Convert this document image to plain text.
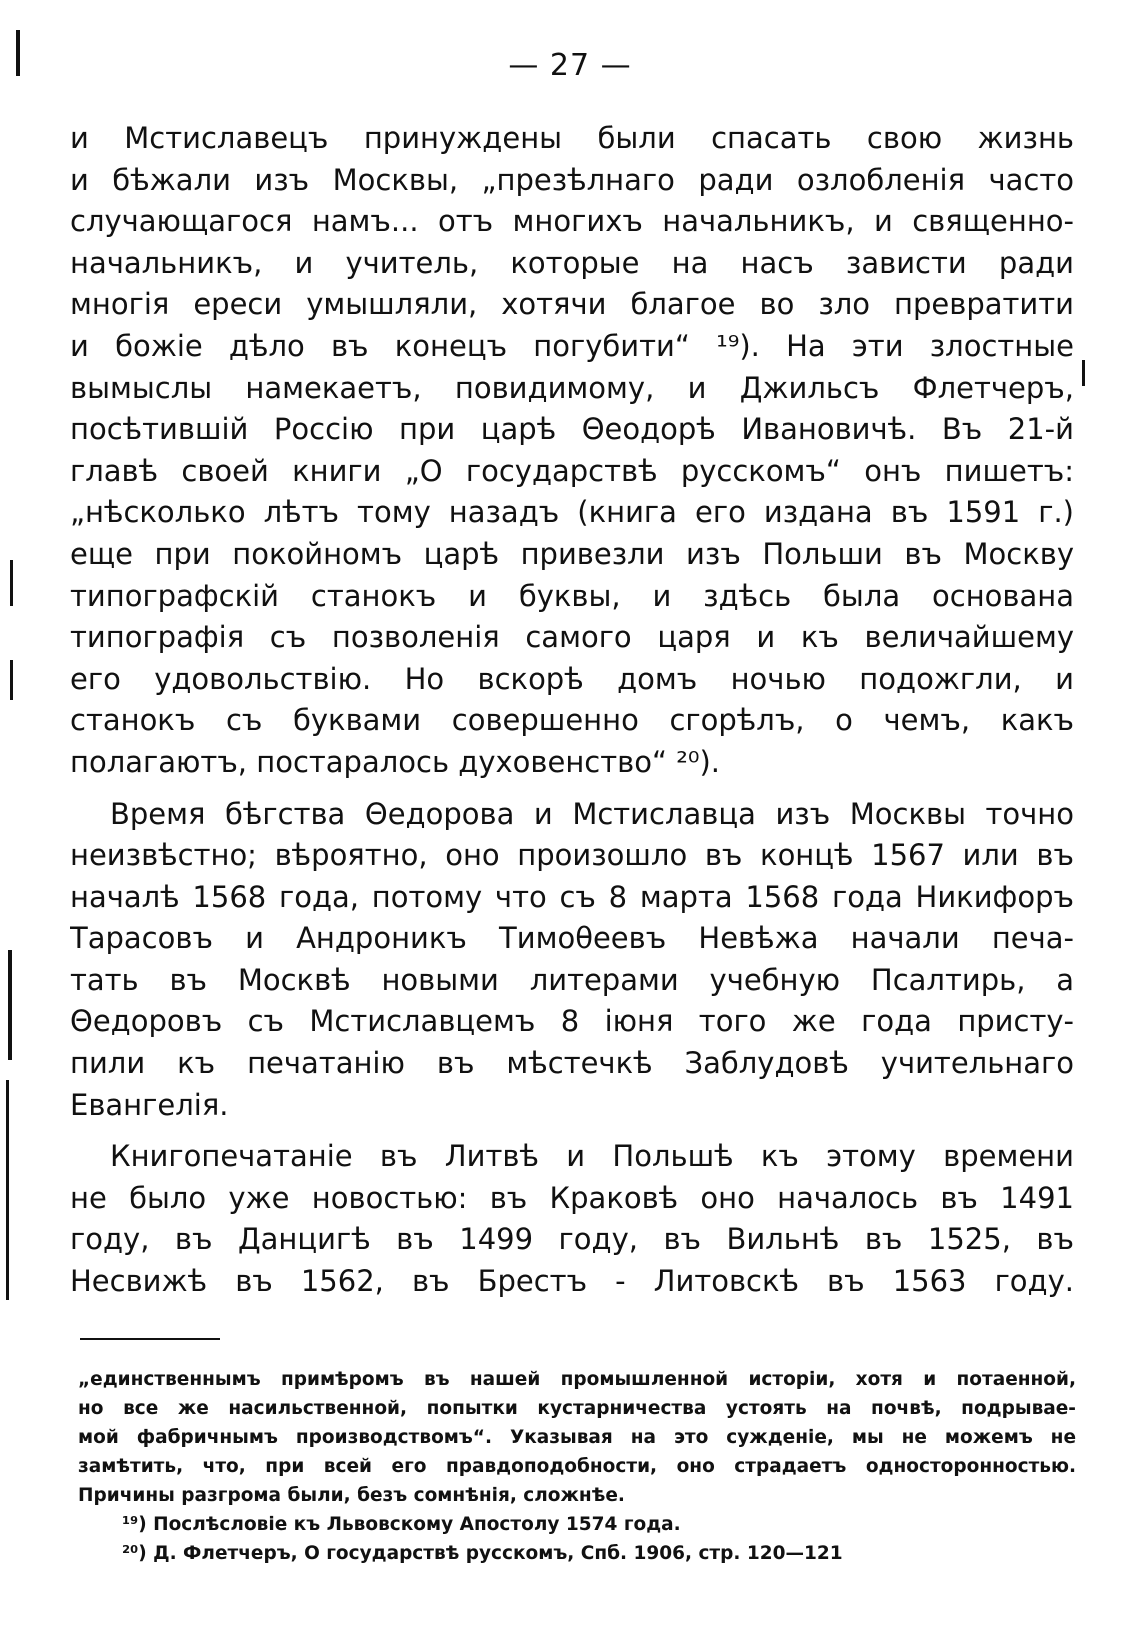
— 27 —
и Мстиславецъ принуждены были спасать свою жизнь
и бѣжали изъ Москвы, „презѣлнаго ради озлобленія часто
случающагося намъ... отъ многихъ начальникъ, и священно-
начальникъ, и учитель, которые на насъ зависти ради
многія ереси умышляли, хотячи благое во зло превратити
и божіе дѣло въ конецъ погубити“ ¹⁹). На эти злостные
вымыслы намекаетъ, повидимому, и Джильсъ Флетчеръ,
посѣтившій Россію при царѣ Θеодорѣ Ивановичѣ. Въ 21-й
главѣ своей книги „О государствѣ русскомъ“ онъ пишетъ:
„нѣсколько лѣтъ тому назадъ (книга его издана въ 1591 г.)
еще при покойномъ царѣ привезли изъ Польши въ Москву
типографскій станокъ и буквы, и здѣсь была основана
типографія съ позволенія самого царя и къ величайшему
его удовольствію. Но вскорѣ домъ ночью подожгли, и
станокъ съ буквами совершенно сгорѣлъ, о чемъ, какъ
полагаютъ, постаралось духовенство“ ²⁰).
Время бѣгства Θедорова и Мстиславца изъ Москвы точно
неизвѣстно; вѣроятно, оно произошло въ концѣ 1567 или въ
началѣ 1568 года, потому что съ 8 марта 1568 года Никифоръ
Тарасовъ и Андроникъ Тимоθеевъ Невѣжа начали печа-
тать въ Москвѣ новыми литерами учебную Псалтирь, а
Θедоровъ съ Мстиславцемъ 8 іюня того же года присту-
пили къ печатанію въ мѣстечкѣ Заблудовѣ учительнаго
Евангелія.
Книгопечатаніе въ Литвѣ и Польшѣ къ этому времени
не было уже новостью: въ Краковѣ оно началось въ 1491
году, въ Данцигѣ въ 1499 году, въ Вильнѣ въ 1525, въ
Несвижѣ въ 1562, въ Брестъ - Литовскѣ въ 1563 году.
„единственнымъ примѣромъ въ нашей промышленной исторіи, хотя и потаенной,
но все же насильственной, попытки кустарничества устоять на почвѣ, подрывае-
мой фабричнымъ производствомъ“. Указывая на это сужденіе, мы не можемъ не
замѣтить, что, при всей его правдоподобности, оно страдаетъ односторонностью.
Причины разгрома были, безъ сомнѣнія, сложнѣе.
¹⁹) Послѣсловіе къ Львовскому Апостолу 1574 года.
²⁰) Д. Флетчеръ, О государствѣ русскомъ, Спб. 1906, стр. 120—121
